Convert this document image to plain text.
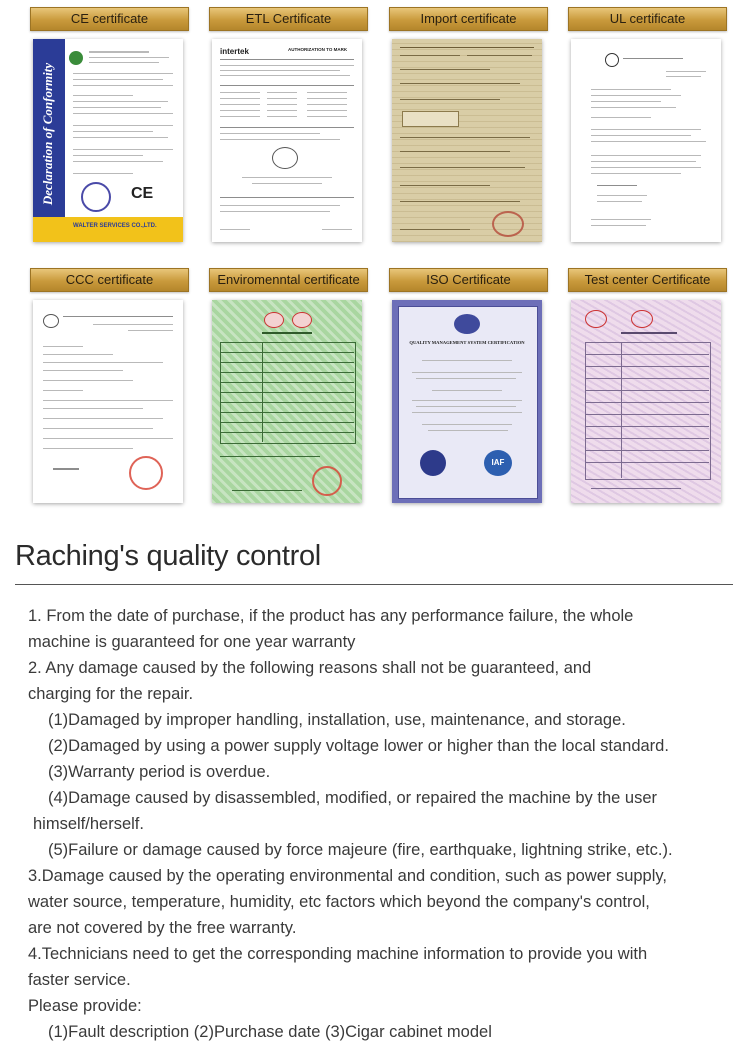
CE certificate
Declaration of Conformity
WALTER SERVICES CO.,LTD.
CE
ETL Certificate
intertek	AUTHORIZATION TO MARK
Import certificate	UL certificate
CCC certificate	Enviromenntal certificate	ISO Certificate
QUALITY MANAGEMENT SYSTEM CERTIFICATION
IAF
Test center Certificate
Raching's quality control

1. From the date of purchase, if the product has any performance failure, the whole

machine is guaranteed for one year warranty

2. Any damage caused by the following reasons shall not be guaranteed, and

charging for the repair.

(1)Damaged by improper handling, installation, use, maintenance, and storage.

(2)Damaged by using a power supply voltage lower or higher than the local standard.

(3)Warranty period is overdue.

(4)Damage caused by disassembled, modified, or repaired the machine by the user

himself/herself.

(5)Failure or damage caused by force majeure (fire, earthquake, lightning strike, etc.).

3.Damage caused by the operating environmental and condition, such as power supply,

water source, temperature, humidity, etc factors which beyond the company's control,

are not covered by the free warranty.

4.Technicians need to get the corresponding machine information to provide you with

faster service.

Please provide:

(1)Fault description (2)Purchase date (3)Cigar cabinet model
